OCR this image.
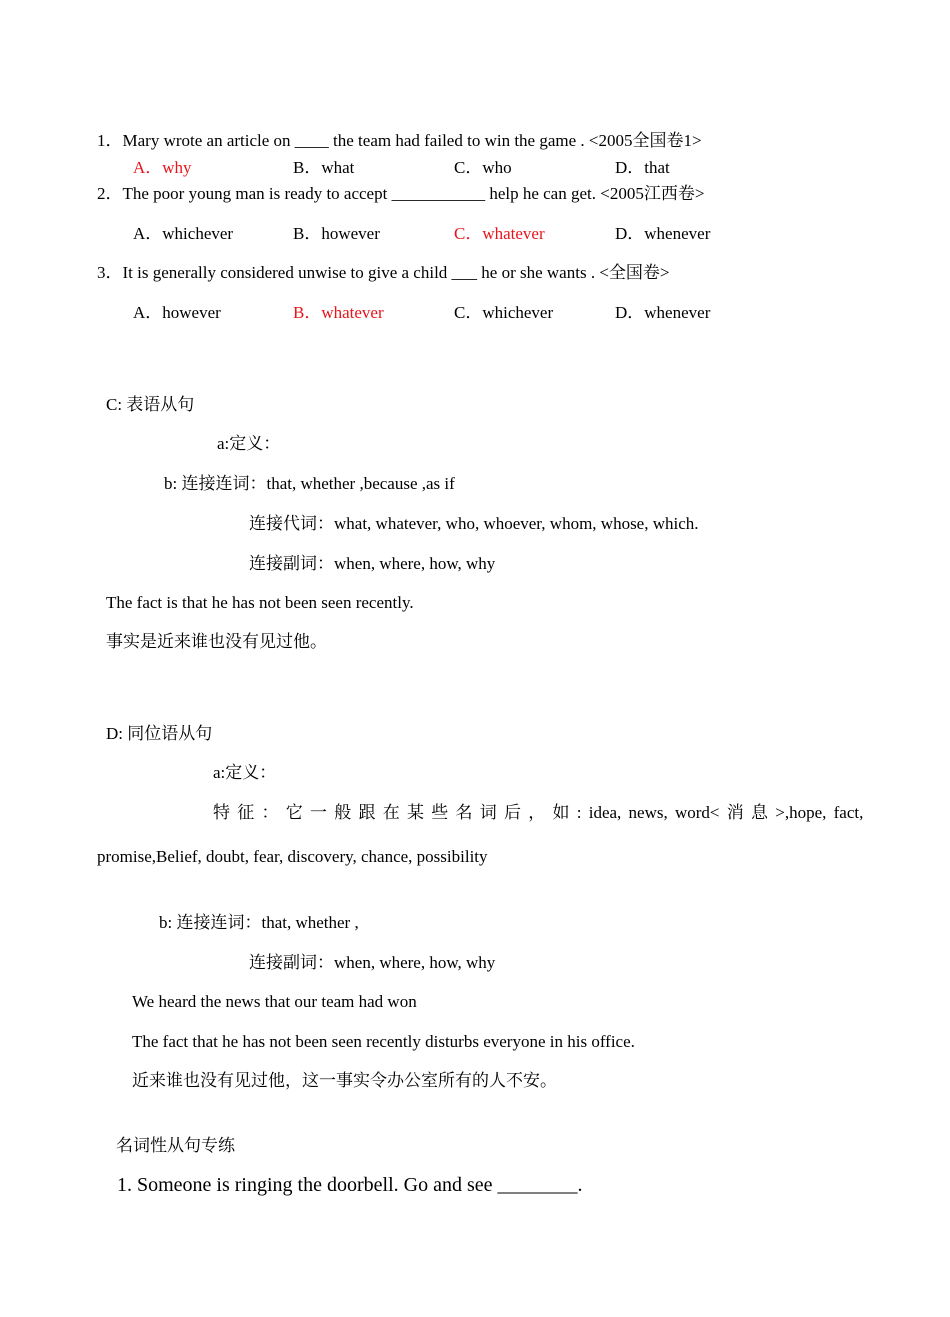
1．Mary wrote an article on ____ the team had failed to win the game . <2005全国卷1>
A．why	B．what	C．who	D．that
2．The poor young man is ready to accept ___________ help he can get. <2005江西卷>
A．whichever	B．however	C．whatever	D．whenever
3．It is generally considered unwise to give a child ___ he or she wants . <全国卷>
A．however	B．whatever	C．whichever	D．whenever
C: 表语从句
a:定义：
b: 连接连词：that, whether ,because ,as if
连接代词：what, whatever, who, whoever, whom, whose, which.
连接副词：when, where, how, why
The fact is that he has not been seen recently.
事实是近来谁也没有见过他。
D: 同位语从句
a:定义：
特 征 ： 它 一 般 跟 在 某 些 名 词 后 ， 如 : idea, news, word< 消 息 >,hope, fact,
promise,Belief, doubt, fear, discovery, chance, possibility
b: 连接连词：that, whether ,
连接副词：when, where, how, why
We heard the news that our team had won
The fact that he has not been seen recently disturbs everyone in his office.
近来谁也没有见过他，这一事实令办公室所有的人不安。
名词性从句专练
1. Someone is ringing the doorbell. Go and see ________.
